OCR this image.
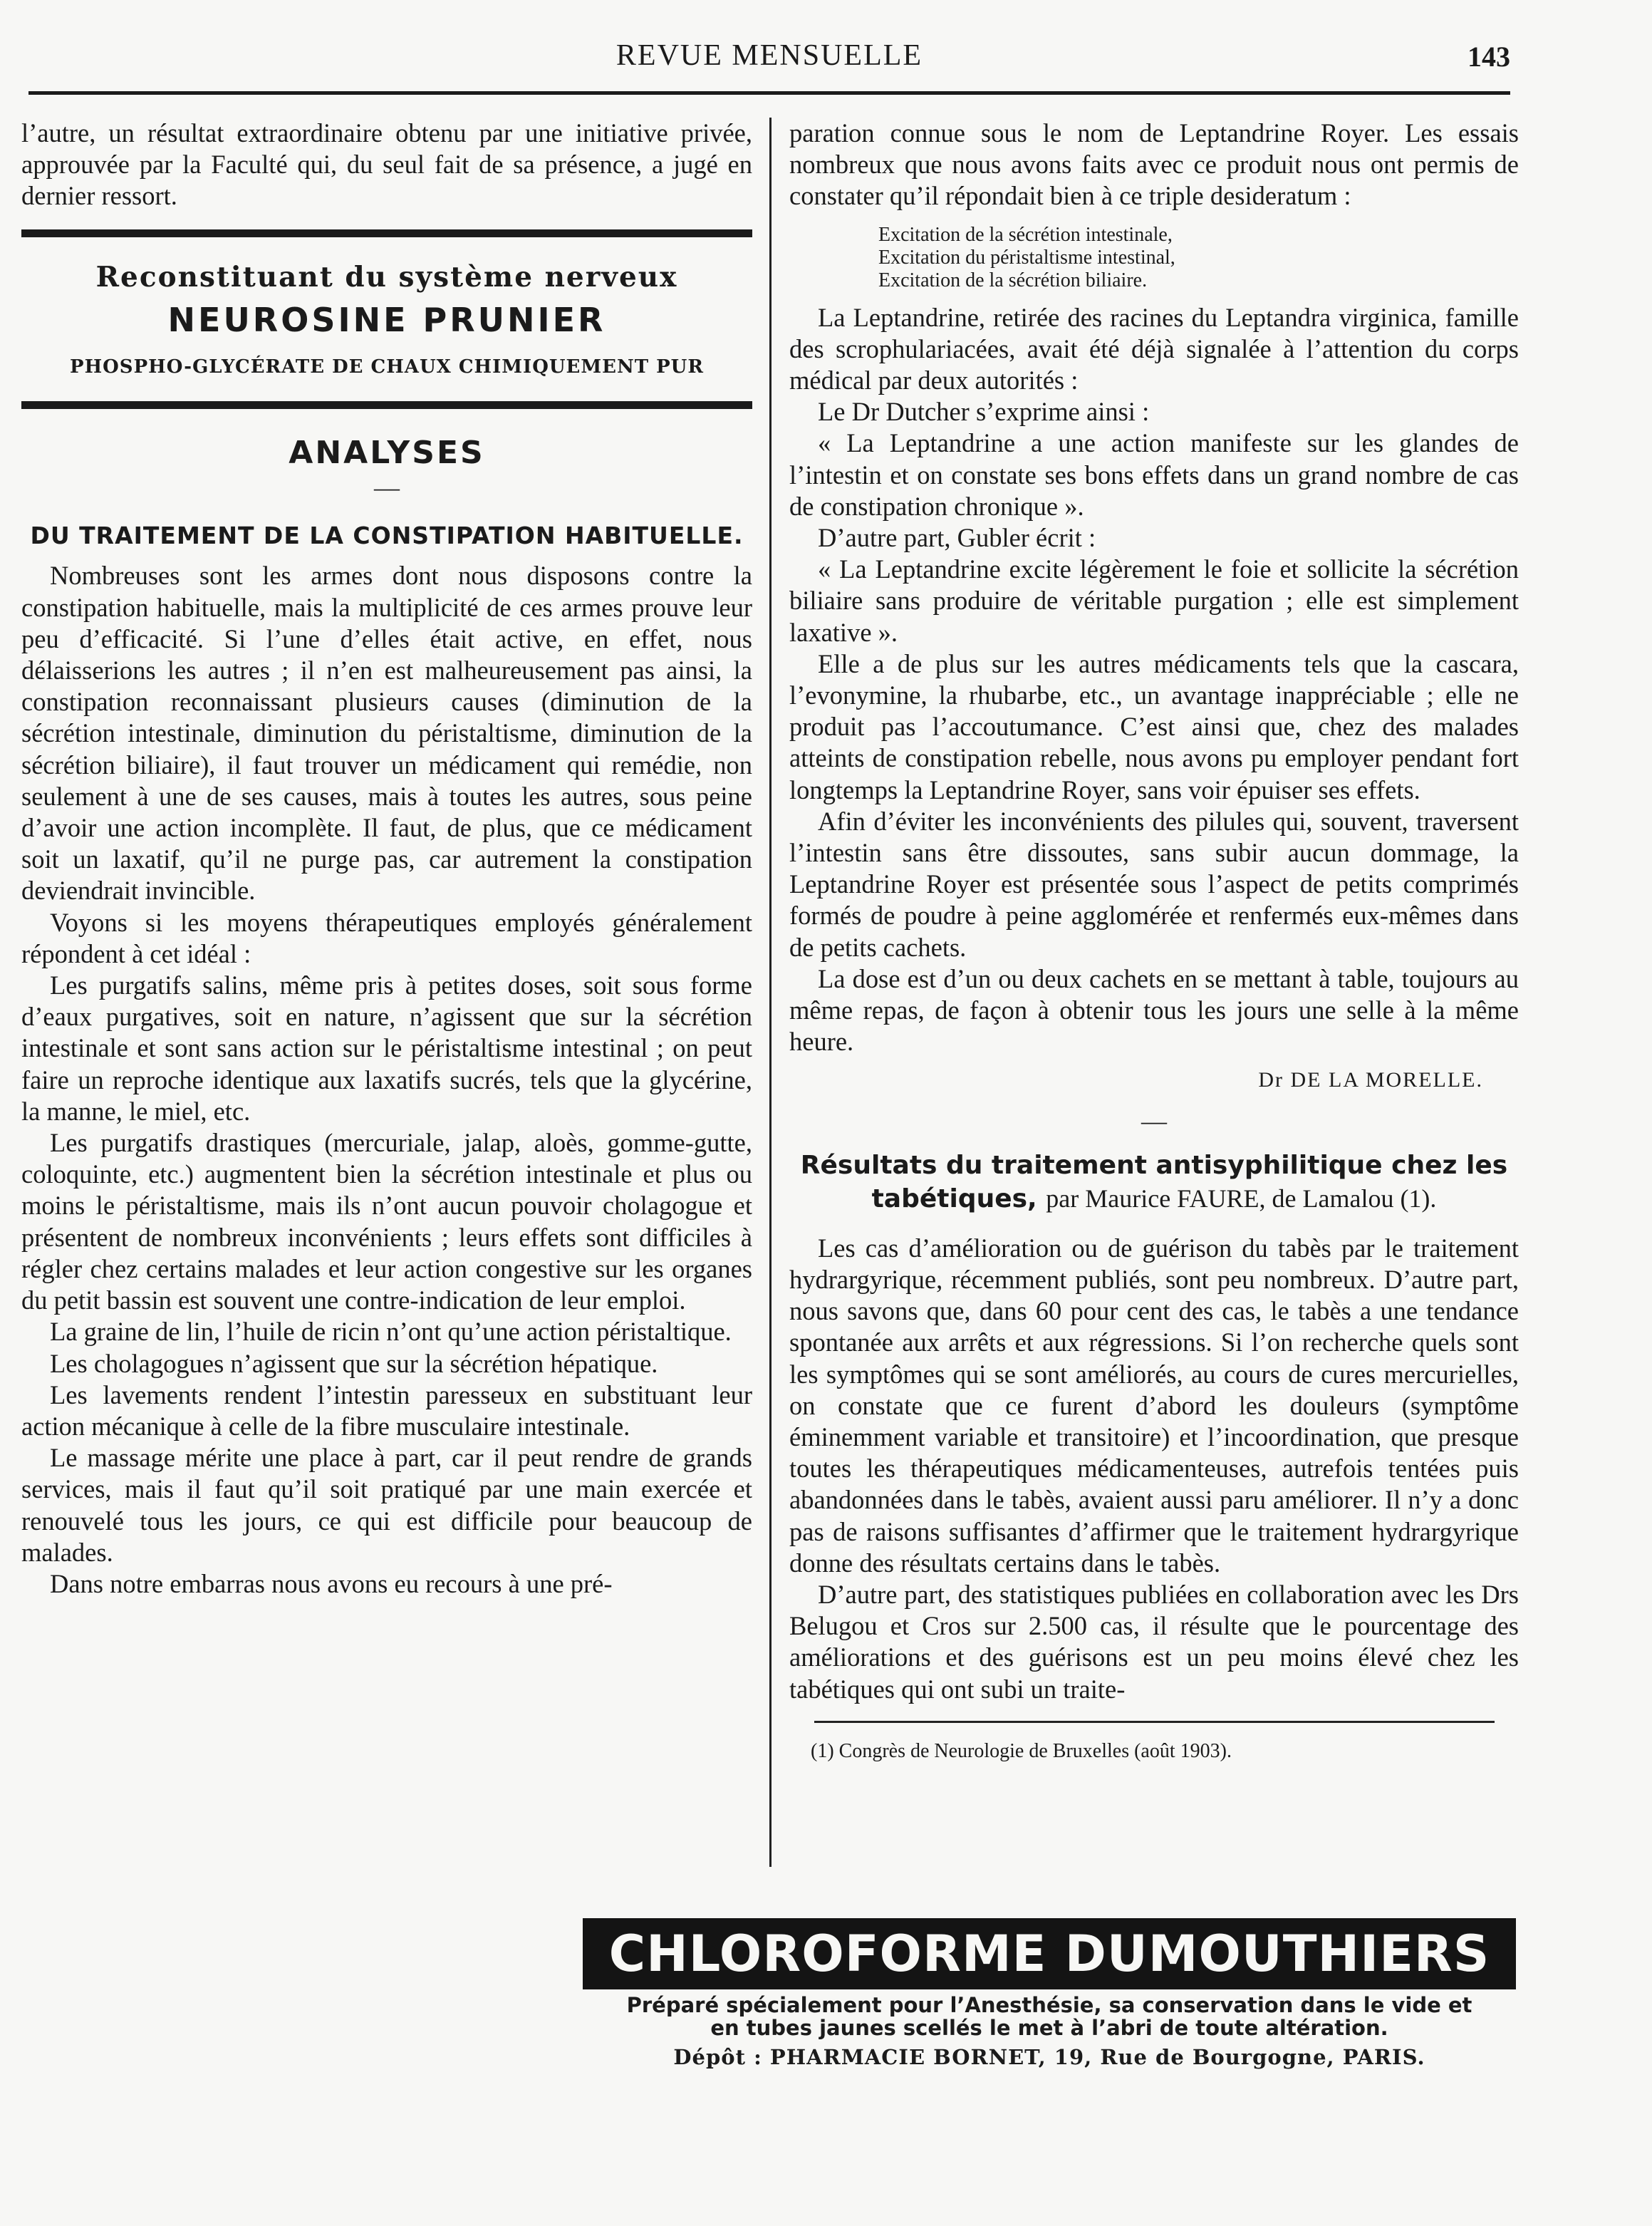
REVUE MENSUELLE	143

l’autre, un résultat extraordinaire obtenu par une initiative privée, approuvée par la Faculté qui, du seul fait de sa présence, a jugé en dernier ressort.

Reconstituant du système nerveux
NEUROSINE PRUNIER
PHOSPHO-GLYCÉRATE DE CHAUX CHIMIQUEMENT PUR
ANALYSES
—
DU TRAITEMENT DE LA CONSTIPATION HABITUELLE.

Nombreuses sont les armes dont nous disposons contre la constipation habituelle, mais la multiplicité de ces armes prouve leur peu d’efficacité. Si l’une d’elles était active, en effet, nous délaisserions les autres ; il n’en est malheureusement pas ainsi, la constipation reconnaissant plusieurs causes (diminution de la sécrétion intestinale, diminution du péristaltisme, diminution de la sécrétion biliaire), il faut trouver un médicament qui remédie, non seulement à une de ses causes, mais à toutes les autres, sous peine d’avoir une action incomplète. Il faut, de plus, que ce médicament soit un laxatif, qu’il ne purge pas, car autrement la constipation deviendrait invincible.

Voyons si les moyens thérapeutiques employés généralement répondent à cet idéal :

Les purgatifs salins, même pris à petites doses, soit sous forme d’eaux purgatives, soit en nature, n’agissent que sur la sécrétion intestinale et sont sans action sur le péristaltisme intestinal ; on peut faire un reproche identique aux laxatifs sucrés, tels que la glycérine, la manne, le miel, etc.

Les purgatifs drastiques (mercuriale, jalap, aloès, gomme-gutte, coloquinte, etc.) augmentent bien la sécrétion intestinale et plus ou moins le péristaltisme, mais ils n’ont aucun pouvoir cholagogue et présentent de nombreux inconvénients ; leurs effets sont difficiles à régler chez certains malades et leur action congestive sur les organes du petit bassin est souvent une contre-indication de leur emploi.

La graine de lin, l’huile de ricin n’ont qu’une action péristaltique.

Les cholagogues n’agissent que sur la sécrétion hépatique.

Les lavements rendent l’intestin paresseux en substituant leur action mécanique à celle de la fibre musculaire intestinale.

Le massage mérite une place à part, car il peut rendre de grands services, mais il faut qu’il soit pratiqué par une main exercée et renouvelé tous les jours, ce qui est difficile pour beaucoup de malades.

Dans notre embarras nous avons eu recours à une pré-

paration connue sous le nom de Leptandrine Royer. Les essais nombreux que nous avons faits avec ce produit nous ont permis de constater qu’il répondait bien à ce triple desideratum :

Excitation de la sécrétion intestinale,
Excitation du péristaltisme intestinal,
Excitation de la sécrétion biliaire.

La Leptandrine, retirée des racines du Leptandra virginica, famille des scrophulariacées, avait été déjà signalée à l’attention du corps médical par deux autorités :

Le Dr Dutcher s’exprime ainsi :

« La Leptandrine a une action manifeste sur les glandes de l’intestin et on constate ses bons effets dans un grand nombre de cas de constipation chronique ».

D’autre part, Gubler écrit :

« La Leptandrine excite légèrement le foie et sollicite la sécrétion biliaire sans produire de véritable purgation ; elle est simplement laxative ».

Elle a de plus sur les autres médicaments tels que la cascara, l’evonymine, la rhubarbe, etc., un avantage inappréciable ; elle ne produit pas l’accoutumance. C’est ainsi que, chez des malades atteints de constipation rebelle, nous avons pu employer pendant fort longtemps la Leptandrine Royer, sans voir épuiser ses effets.

Afin d’éviter les inconvénients des pilules qui, souvent, traversent l’intestin sans être dissoutes, sans subir aucun dommage, la Leptandrine Royer est présentée sous l’aspect de petits comprimés formés de poudre à peine agglomérée et renfermés eux-mêmes dans de petits cachets.

La dose est d’un ou deux cachets en se mettant à table, toujours au même repas, de façon à obtenir tous les jours une selle à la même heure.

Dr DE LA MORELLE.
—
Résultats du traitement antisyphilitique chez les tabétiques, par Maurice FAURE, de Lamalou (1).

Les cas d’amélioration ou de guérison du tabès par le traitement hydrargyrique, récemment publiés, sont peu nombreux. D’autre part, nous savons que, dans 60 pour cent des cas, le tabès a une tendance spontanée aux arrêts et aux régressions. Si l’on recherche quels sont les symptômes qui se sont améliorés, au cours de cures mercurielles, on constate que ce furent d’abord les douleurs (symptôme éminemment variable et transitoire) et l’incoordination, que presque toutes les thérapeutiques médicamenteuses, autrefois tentées puis abandonnées dans le tabès, avaient aussi paru améliorer. Il n’y a donc pas de raisons suffisantes d’affirmer que le traitement hydrargyrique donne des résultats certains dans le tabès.

D’autre part, des statistiques publiées en collaboration avec les Drs Belugou et Cros sur 2.500 cas, il résulte que le pourcentage des améliorations et des guérisons est un peu moins élevé chez les tabétiques qui ont subi un traite-

(1) Congrès de Neurologie de Bruxelles (août 1903).
CHLOROFORME DUMOUTHIERS
Préparé spécialement pour l’Anesthésie, sa conservation dans le vide et
en tubes jaunes scellés le met à l’abri de toute altération.
Dépôt : PHARMACIE BORNET, 19, Rue de Bourgogne, PARIS.
